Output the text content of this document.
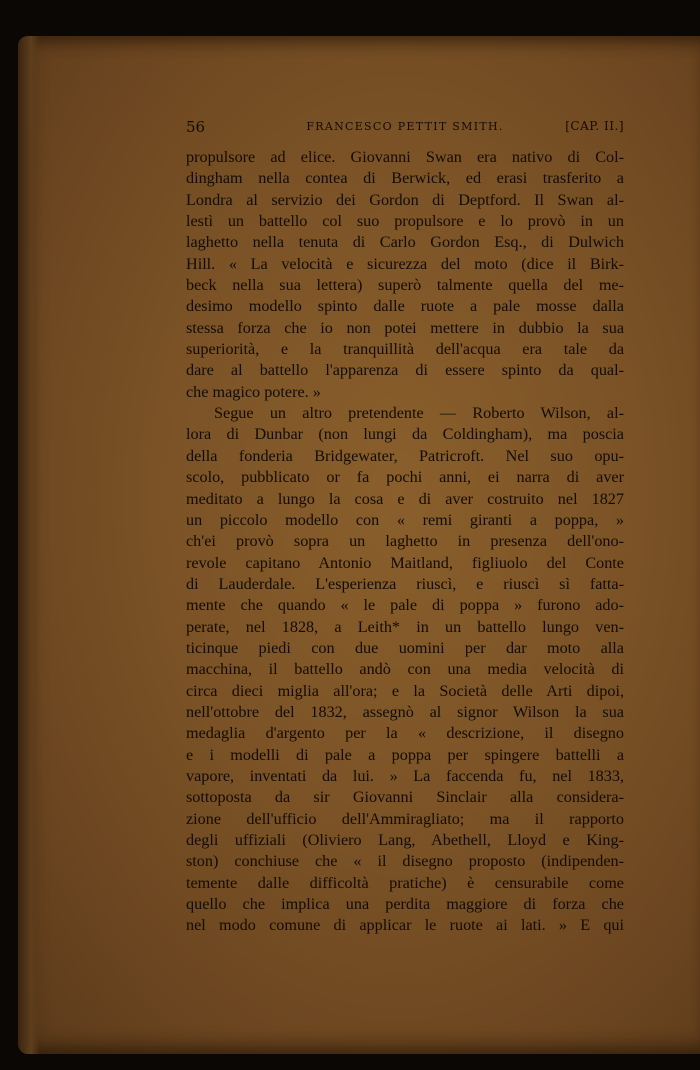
56	FRANCESCO PETTIT SMITH.	[CAP. II.]
propulsore ad elice. Giovanni Swan era nativo di Col-
dingham nella contea di Berwick, ed erasi trasferito a
Londra al servizio dei Gordon di Deptford. Il Swan al-
lestì un battello col suo propulsore e lo provò in un
laghetto nella tenuta di Carlo Gordon Esq., di Dulwich
Hill. « La velocità e sicurezza del moto (dice il Birk-
beck nella sua lettera) superò talmente quella del me-
desimo modello spinto dalle ruote a pale mosse dalla
stessa forza che io non potei mettere in dubbio la sua
superiorità, e la tranquillità dell'acqua era tale da
dare al battello l'apparenza di essere spinto da qual-
che magico potere. »
Segue un altro pretendente — Roberto Wilson, al-
lora di Dunbar (non lungi da Coldingham), ma poscia
della fonderia Bridgewater, Patricroft. Nel suo opu-
scolo, pubblicato or fa pochi anni, ei narra di aver
meditato a lungo la cosa e di aver costruito nel 1827
un piccolo modello con « remi giranti a poppa, »
ch'ei provò sopra un laghetto in presenza dell'ono-
revole capitano Antonio Maitland, figliuolo del Conte
di Lauderdale. L'esperienza riuscì, e riuscì sì fatta-
mente che quando « le pale di poppa » furono ado-
perate, nel 1828, a Leith* in un battello lungo ven-
ticinque piedi con due uomini per dar moto alla
macchina, il battello andò con una media velocità di
circa dieci miglia all'ora; e la Società delle Arti dipoi,
nell'ottobre del 1832, assegnò al signor Wilson la sua
medaglia d'argento per la « descrizione, il disegno
e i modelli di pale a poppa per spingere battelli a
vapore, inventati da lui. » La faccenda fu, nel 1833,
sottoposta da sir Giovanni Sinclair alla considera-
zione dell'ufficio dell'Ammiragliato; ma il rapporto
degli uffiziali (Oliviero Lang, Abethell, Lloyd e King-
ston) conchiuse che « il disegno proposto (indipenden-
temente dalle difficoltà pratiche) è censurabile come
quello che implica una perdita maggiore di forza che
nel modo comune di applicar le ruote ai lati. » E qui
